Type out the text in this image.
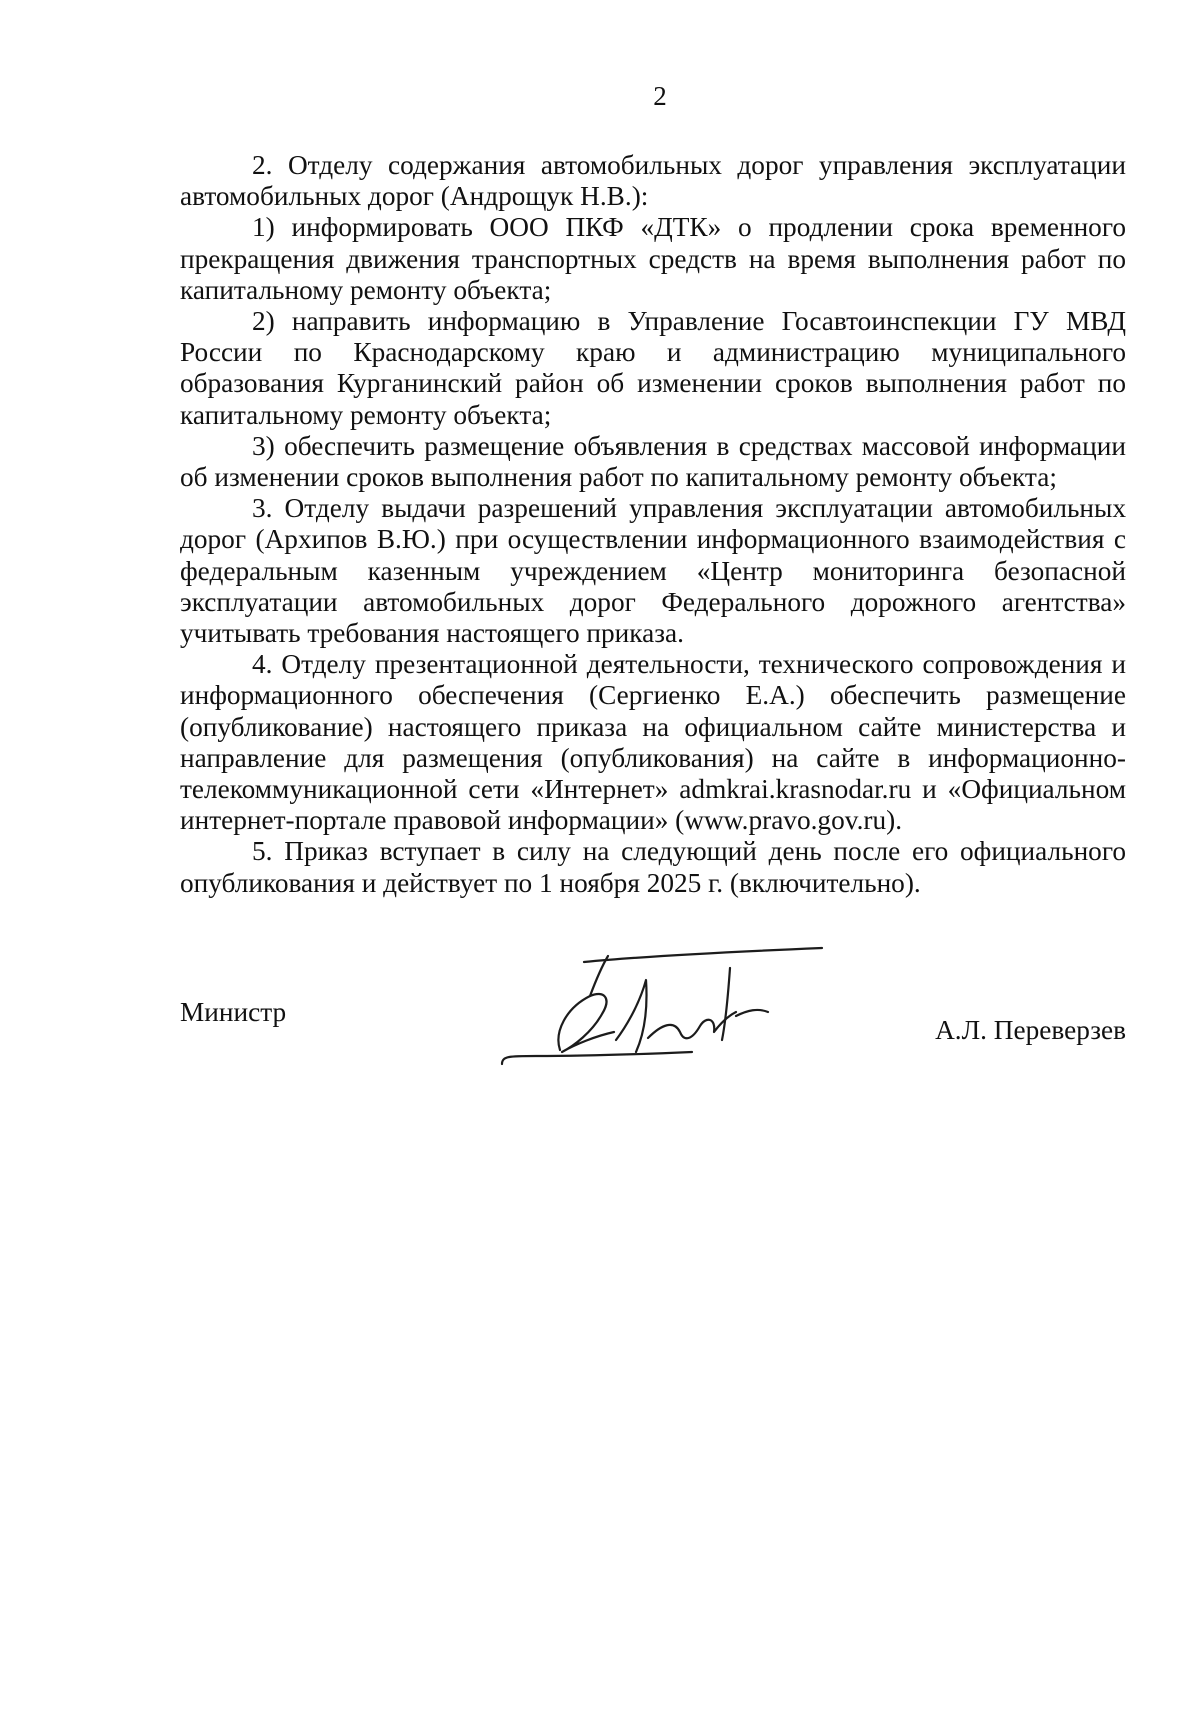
2

2. Отделу содержания автомобильных дорог управления эксплуатации автомобильных дорог (Андрощук Н.В.):

1) информировать ООО ПКФ «ДТК» о продлении срока временного прекращения движения транспортных средств на время выполнения работ по капитальному ремонту объекта;

2) направить информацию в Управление Госавтоинспекции ГУ МВД России по Краснодарскому краю и администрацию муниципального образования Курганинский район об изменении сроков выполнения работ по капитальному ремонту объекта;

3) обеспечить размещение объявления в средствах массовой информации об изменении сроков выполнения работ по капитальному ремонту объекта;

3. Отделу выдачи разрешений управления эксплуатации автомобильных дорог (Архипов В.Ю.) при осуществлении информационного взаимодействия с федеральным казенным учреждением «Центр мониторинга безопасной эксплуатации автомобильных дорог Федерального дорожного агентства» учитывать требования настоящего приказа.

4. Отделу презентационной деятельности, технического сопровождения и информационного обеспечения (Сергиенко Е.А.) обеспечить размещение (опубликование) настоящего приказа на официальном сайте министерства и направление для размещения (опубликования) на сайте в информационно-телекоммуникационной сети «Интернет» admkrai.krasnodar.ru и «Официальном интернет-портале правовой информации» (www.pravo.gov.ru).

5. Приказ вступает в силу на следующий день после его официального опубликования и действует по 1 ноября 2025 г. (включительно).

Министр
А.Л. Переверзев
